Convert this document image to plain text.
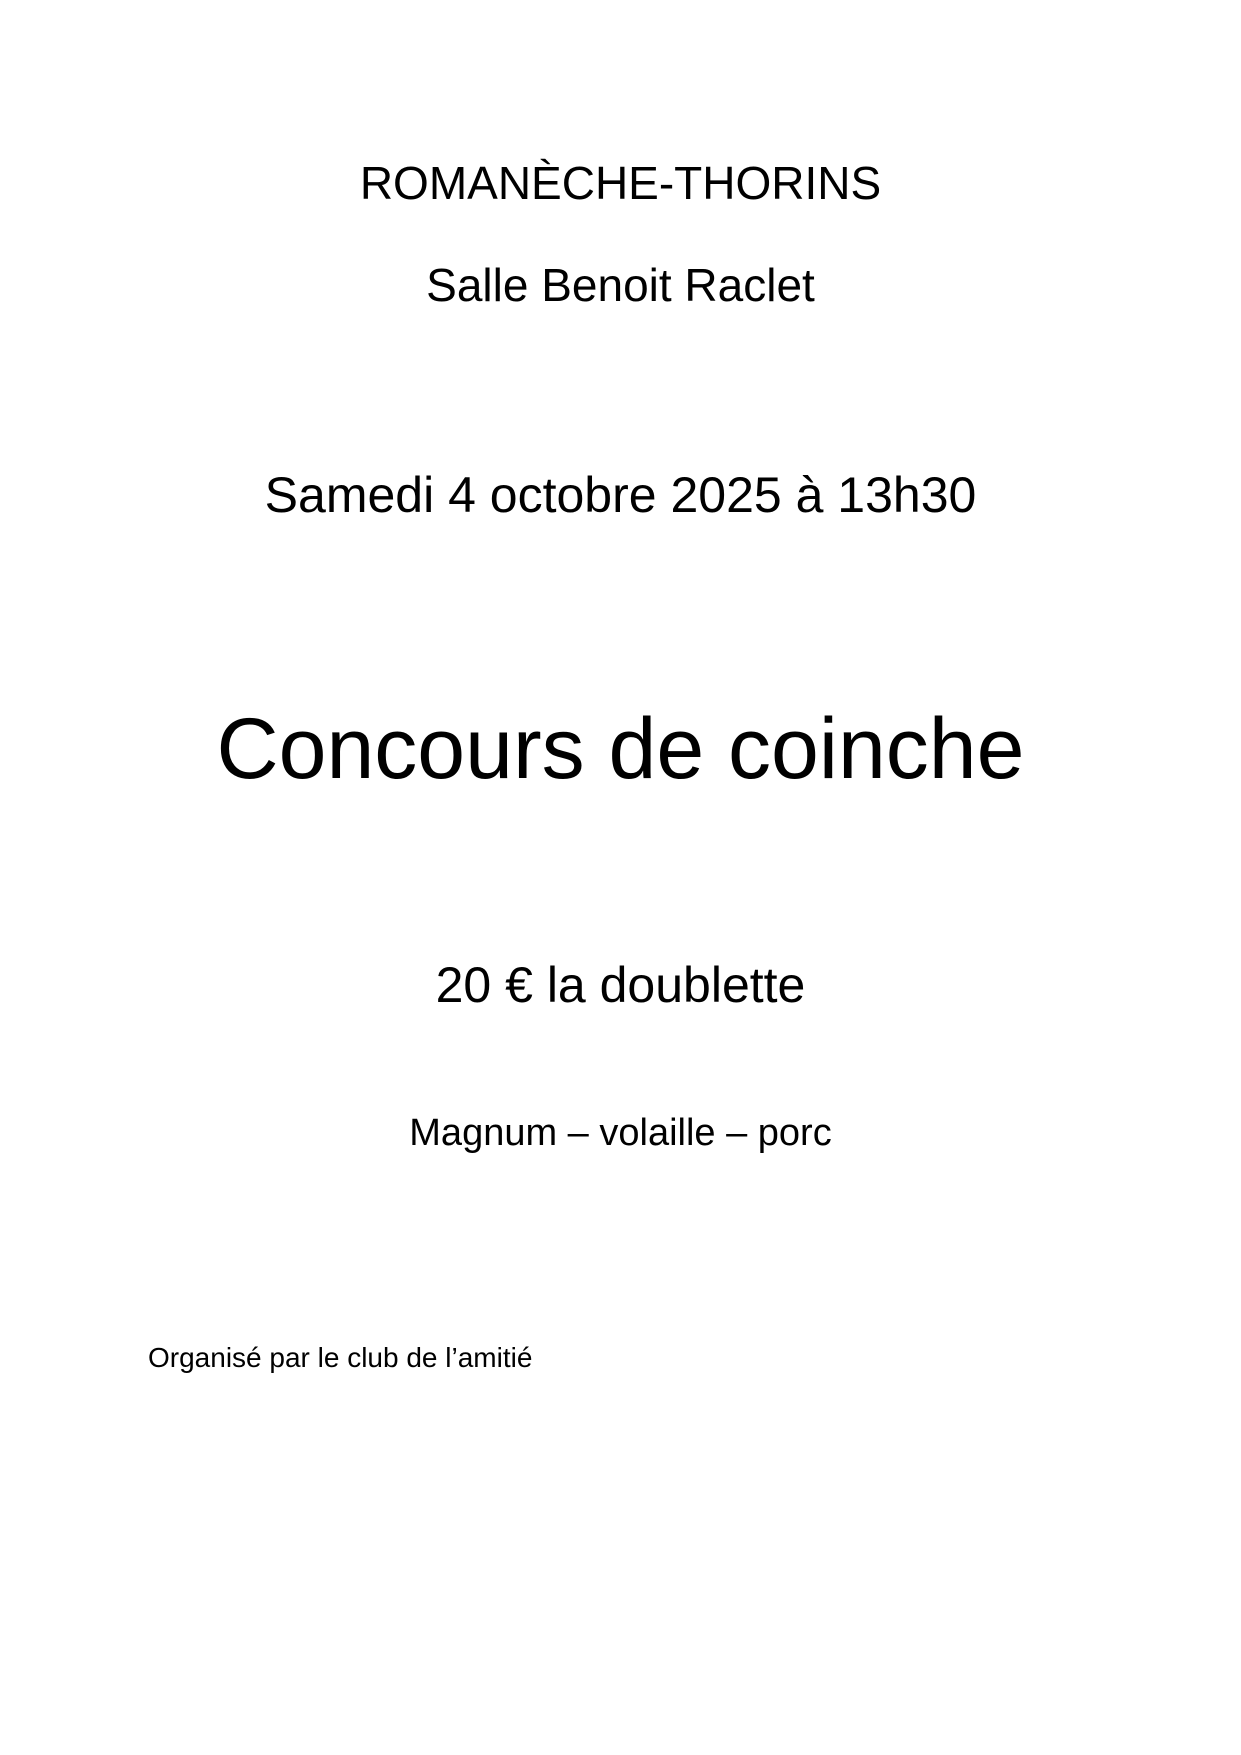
ROMANÈCHE-THORINS
Salle Benoit Raclet
Samedi 4 octobre 2025 à 13h30
Concours de coinche
20 € la doublette
Magnum – volaille – porc
Organisé par le club de l’amitié
